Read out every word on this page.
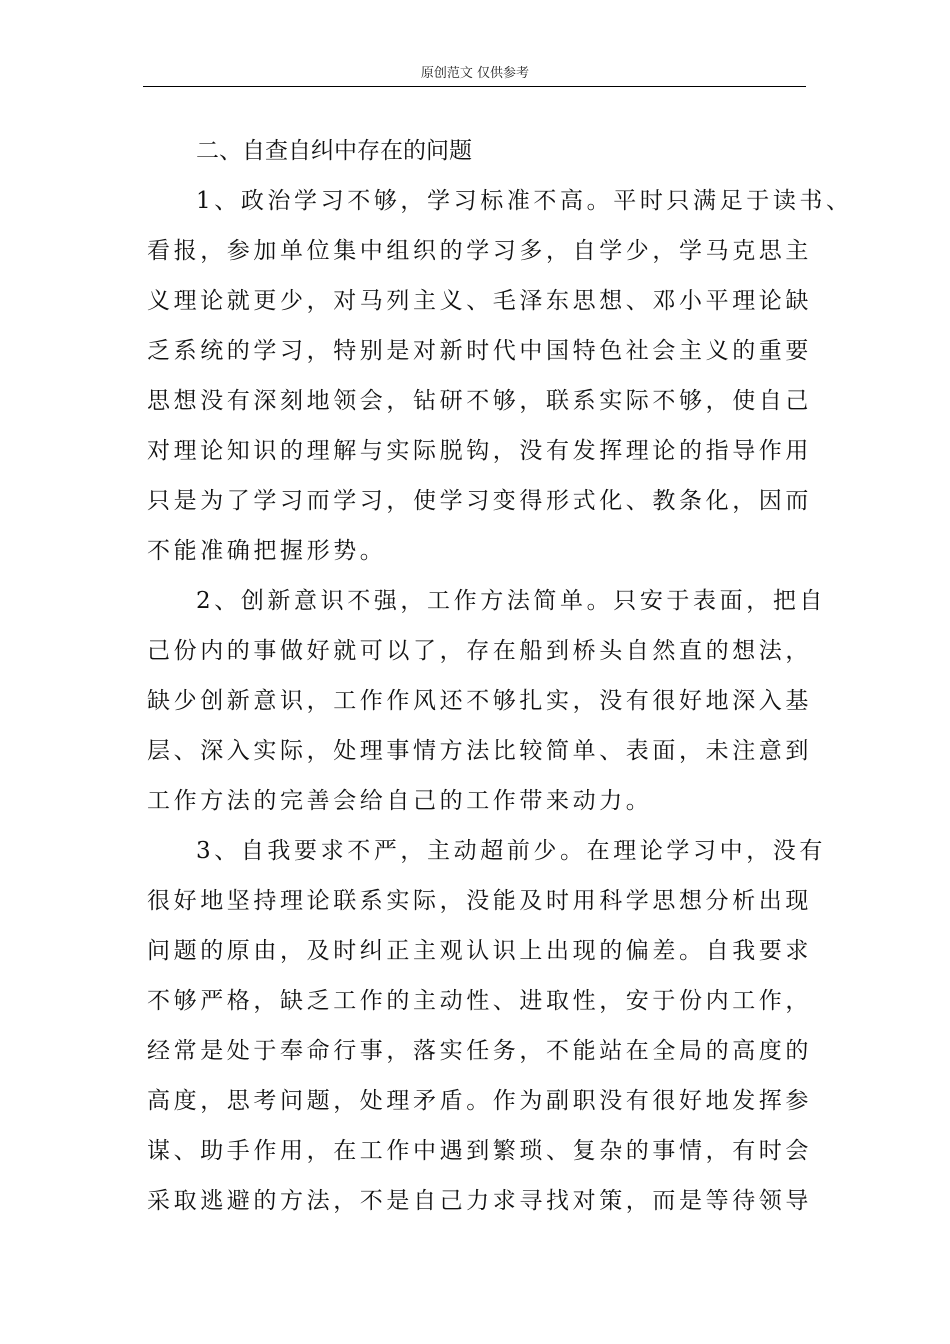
原创范文 仅供参考
二、自查自纠中存在的问题
1、政治学习不够，学习标准不高。平时只满足于读书、
看报，参加单位集中组织的学习多，自学少，学马克思主
义理论就更少，对马列主义、毛泽东思想、邓小平理论缺
乏系统的学习，特别是对新时代中国特色社会主义的重要
思想没有深刻地领会，钻研不够，联系实际不够，使自己
对理论知识的理解与实际脱钩，没有发挥理论的指导作用
只是为了学习而学习，使学习变得形式化、教条化，因而
不能准确把握形势。
2、创新意识不强，工作方法简单。只安于表面，把自
己份内的事做好就可以了，存在船到桥头自然直的想法，
缺少创新意识，工作作风还不够扎实，没有很好地深入基
层、深入实际，处理事情方法比较简单、表面，未注意到
工作方法的完善会给自己的工作带来动力。
3、自我要求不严，主动超前少。在理论学习中，没有
很好地坚持理论联系实际，没能及时用科学思想分析出现
问题的原由，及时纠正主观认识上出现的偏差。自我要求
不够严格，缺乏工作的主动性、进取性，安于份内工作，
经常是处于奉命行事，落实任务，不能站在全局的高度的
高度，思考问题，处理矛盾。作为副职没有很好地发挥参
谋、助手作用，在工作中遇到繁琐、复杂的事情，有时会
采取逃避的方法，不是自己力求寻找对策，而是等待领导
